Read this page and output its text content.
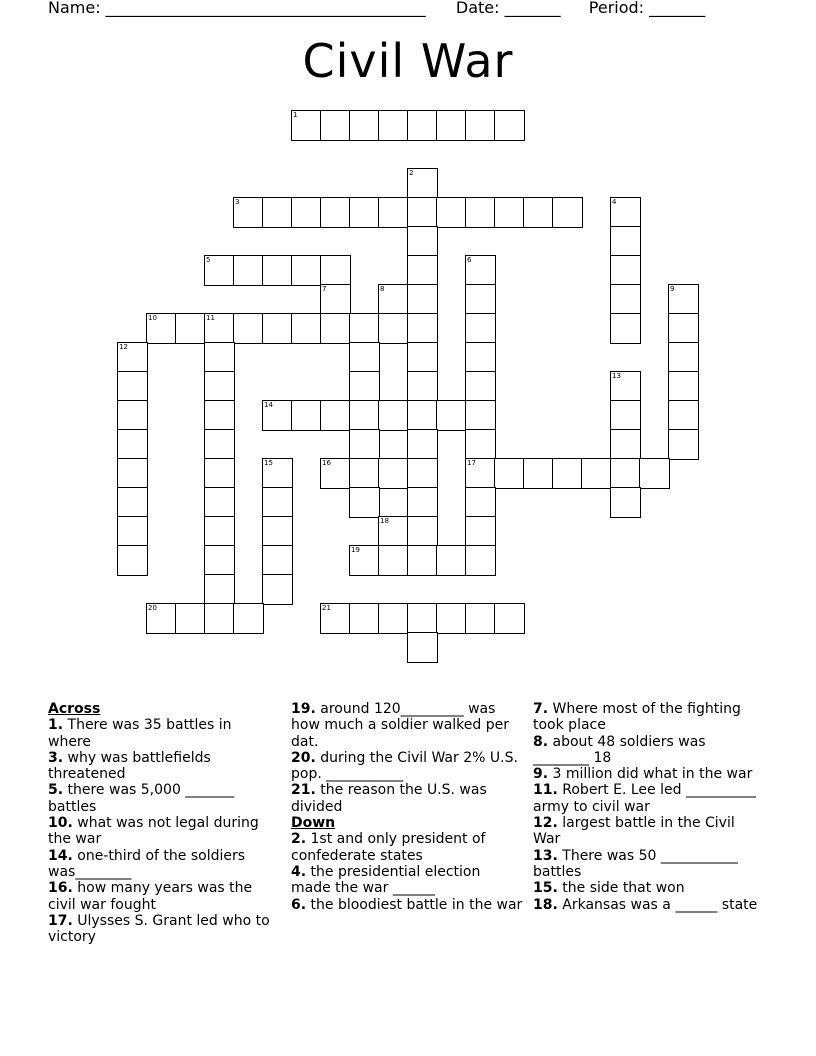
Name: ________________________________________ Date: _______ Period: _______
Civil War
1
2
3	4
5	6
7	8	9
10	11
12
13
14
15	16	17
18
19
20	21
Across
1. There was 35 battles in where
3. why was battlefields threatened
5. there was 5,000 _______ battles
10. what was not legal during the war
14. one-third of the soldiers was________
16. how many years was the civil war fought
17. Ulysses S. Grant led who to victory
19. around 120_________ was how much a soldier walked per dat.
20. during the Civil War 2% U.S. pop. ___________
21. the reason the U.S. was divided
Down
2. 1st and only president of confederate states
4. the presidential election made the war ______
6. the bloodiest battle in the war
7. Where most of the fighting took place
8. about 48 soldiers was ________ 18
9. 3 million did what in the war
11. Robert E. Lee led __________ army to civil war
12. largest battle in the Civil War
13. There was 50 ___________ battles
15. the side that won
18. Arkansas was a ______ state
